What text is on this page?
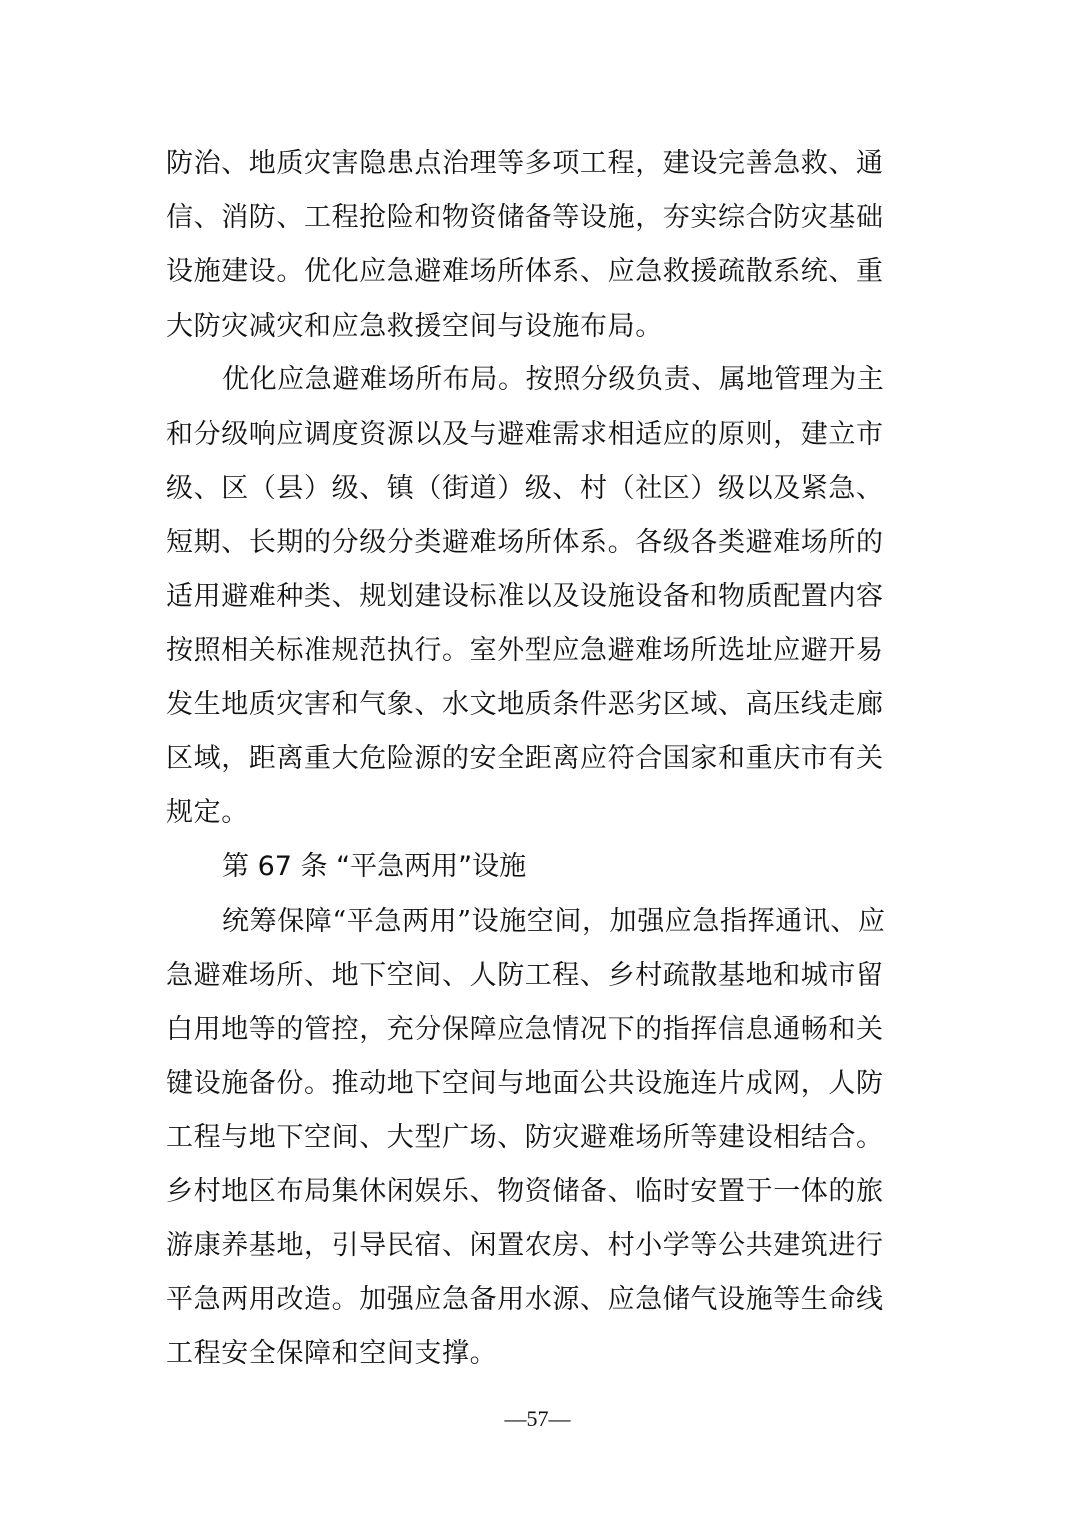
防治、地质灾害隐患点治理等多项工程，建设完善急救、通
信、消防、工程抢险和物资储备等设施，夯实综合防灾基础
设施建设。优化应急避难场所体系、应急救援疏散系统、重
大防灾减灾和应急救援空间与设施布局。
优化应急避难场所布局。按照分级负责、属地管理为主
和分级响应调度资源以及与避难需求相适应的原则，建立市
级、区（县）级、镇（街道）级、村（社区）级以及紧急、
短期、长期的分级分类避难场所体系。各级各类避难场所的
适用避难种类、规划建设标准以及设施设备和物质配置内容
按照相关标准规范执行。室外型应急避难场所选址应避开易
发生地质灾害和气象、水文地质条件恶劣区域、高压线走廊
区域，距离重大危险源的安全距离应符合国家和重庆市有关
规定。
第 67 条 “平急两用”设施
统筹保障“平急两用”设施空间，加强应急指挥通讯、应
急避难场所、地下空间、人防工程、乡村疏散基地和城市留
白用地等的管控，充分保障应急情况下的指挥信息通畅和关
键设施备份。推动地下空间与地面公共设施连片成网，人防
工程与地下空间、大型广场、防灾避难场所等建设相结合。
乡村地区布局集休闲娱乐、物资储备、临时安置于一体的旅
游康养基地，引导民宿、闲置农房、村小学等公共建筑进行
平急两用改造。加强应急备用水源、应急储气设施等生命线
工程安全保障和空间支撑。
—57—
